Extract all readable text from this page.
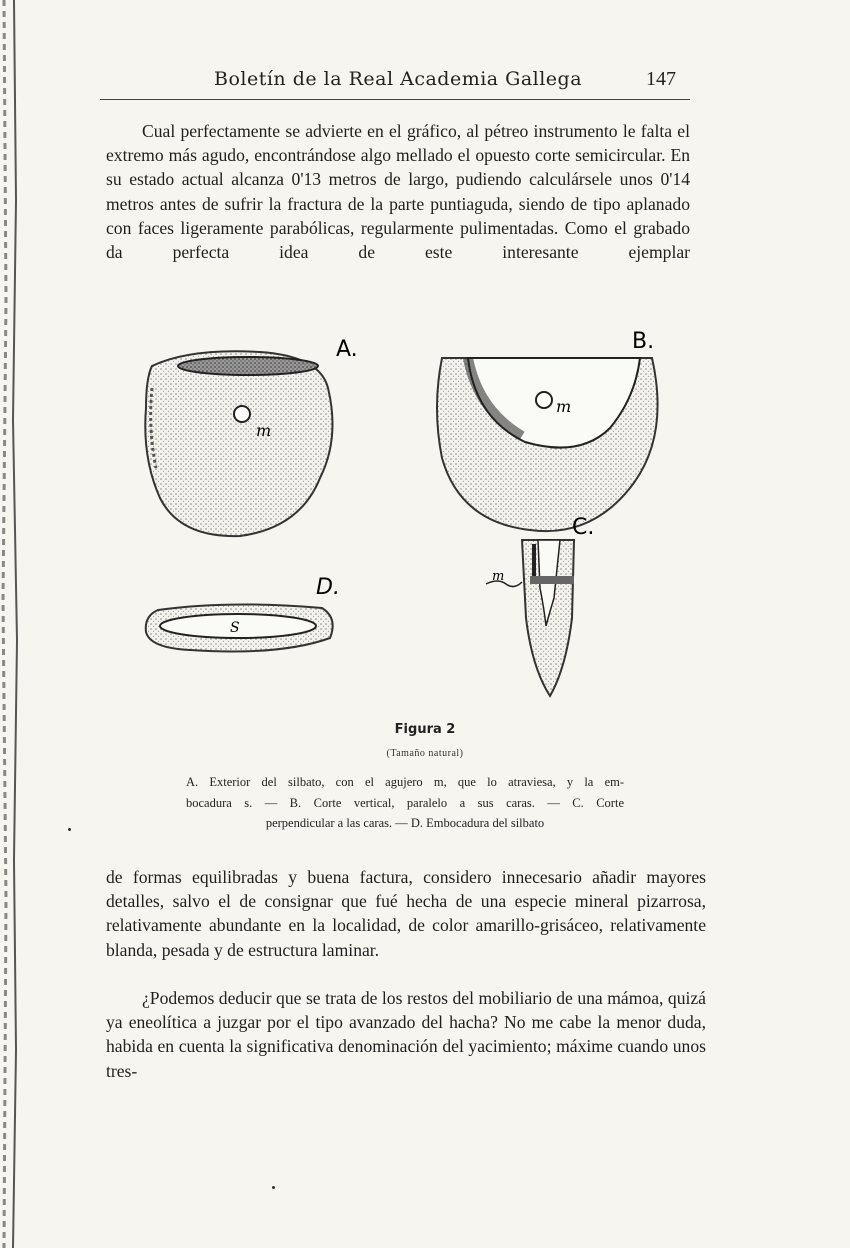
Boletín de la Real Academia Gallega	147

Cual perfectamente se advierte en el gráfico, al pétreo instrumento le falta el extremo más agudo, encontrándose algo mellado el opuesto corte semicircular. En su estado actual alcanza 0'13 metros de largo, pudiendo calculársele unos 0'14 metros antes de sufrir la fractura de la parte puntiaguda, siendo de tipo aplanado con faces ligeramente parabólicas, regularmente pulimentadas. Como el grabado da perfecta idea de este interesante ejemplar

A.
m
B.
m
C.
m
D.
S
Figura 2
(Tamaño natural)

A. Exterior del silbato, con el agujero m, que lo atraviesa, y la em-

bocadura s. — B. Corte vertical, paralelo a sus caras. — C. Corte

perpendicular a las caras. — D. Embocadura del silbato

de formas equilibradas y buena factura, considero innecesario añadir mayores detalles, salvo el de consignar que fué hecha de una especie mineral pizarrosa, relativamente abundante en la localidad, de color amarillo-grisáceo, relativamente blanda, pesada y de estructura laminar.

¿Podemos deducir que se trata de los restos del mobiliario de una mámoa, quizá ya eneolítica a juzgar por el tipo avanzado del hacha? No me cabe la menor duda, habida en cuenta la significativa denominación del yacimiento; máxime cuando unos tres-
